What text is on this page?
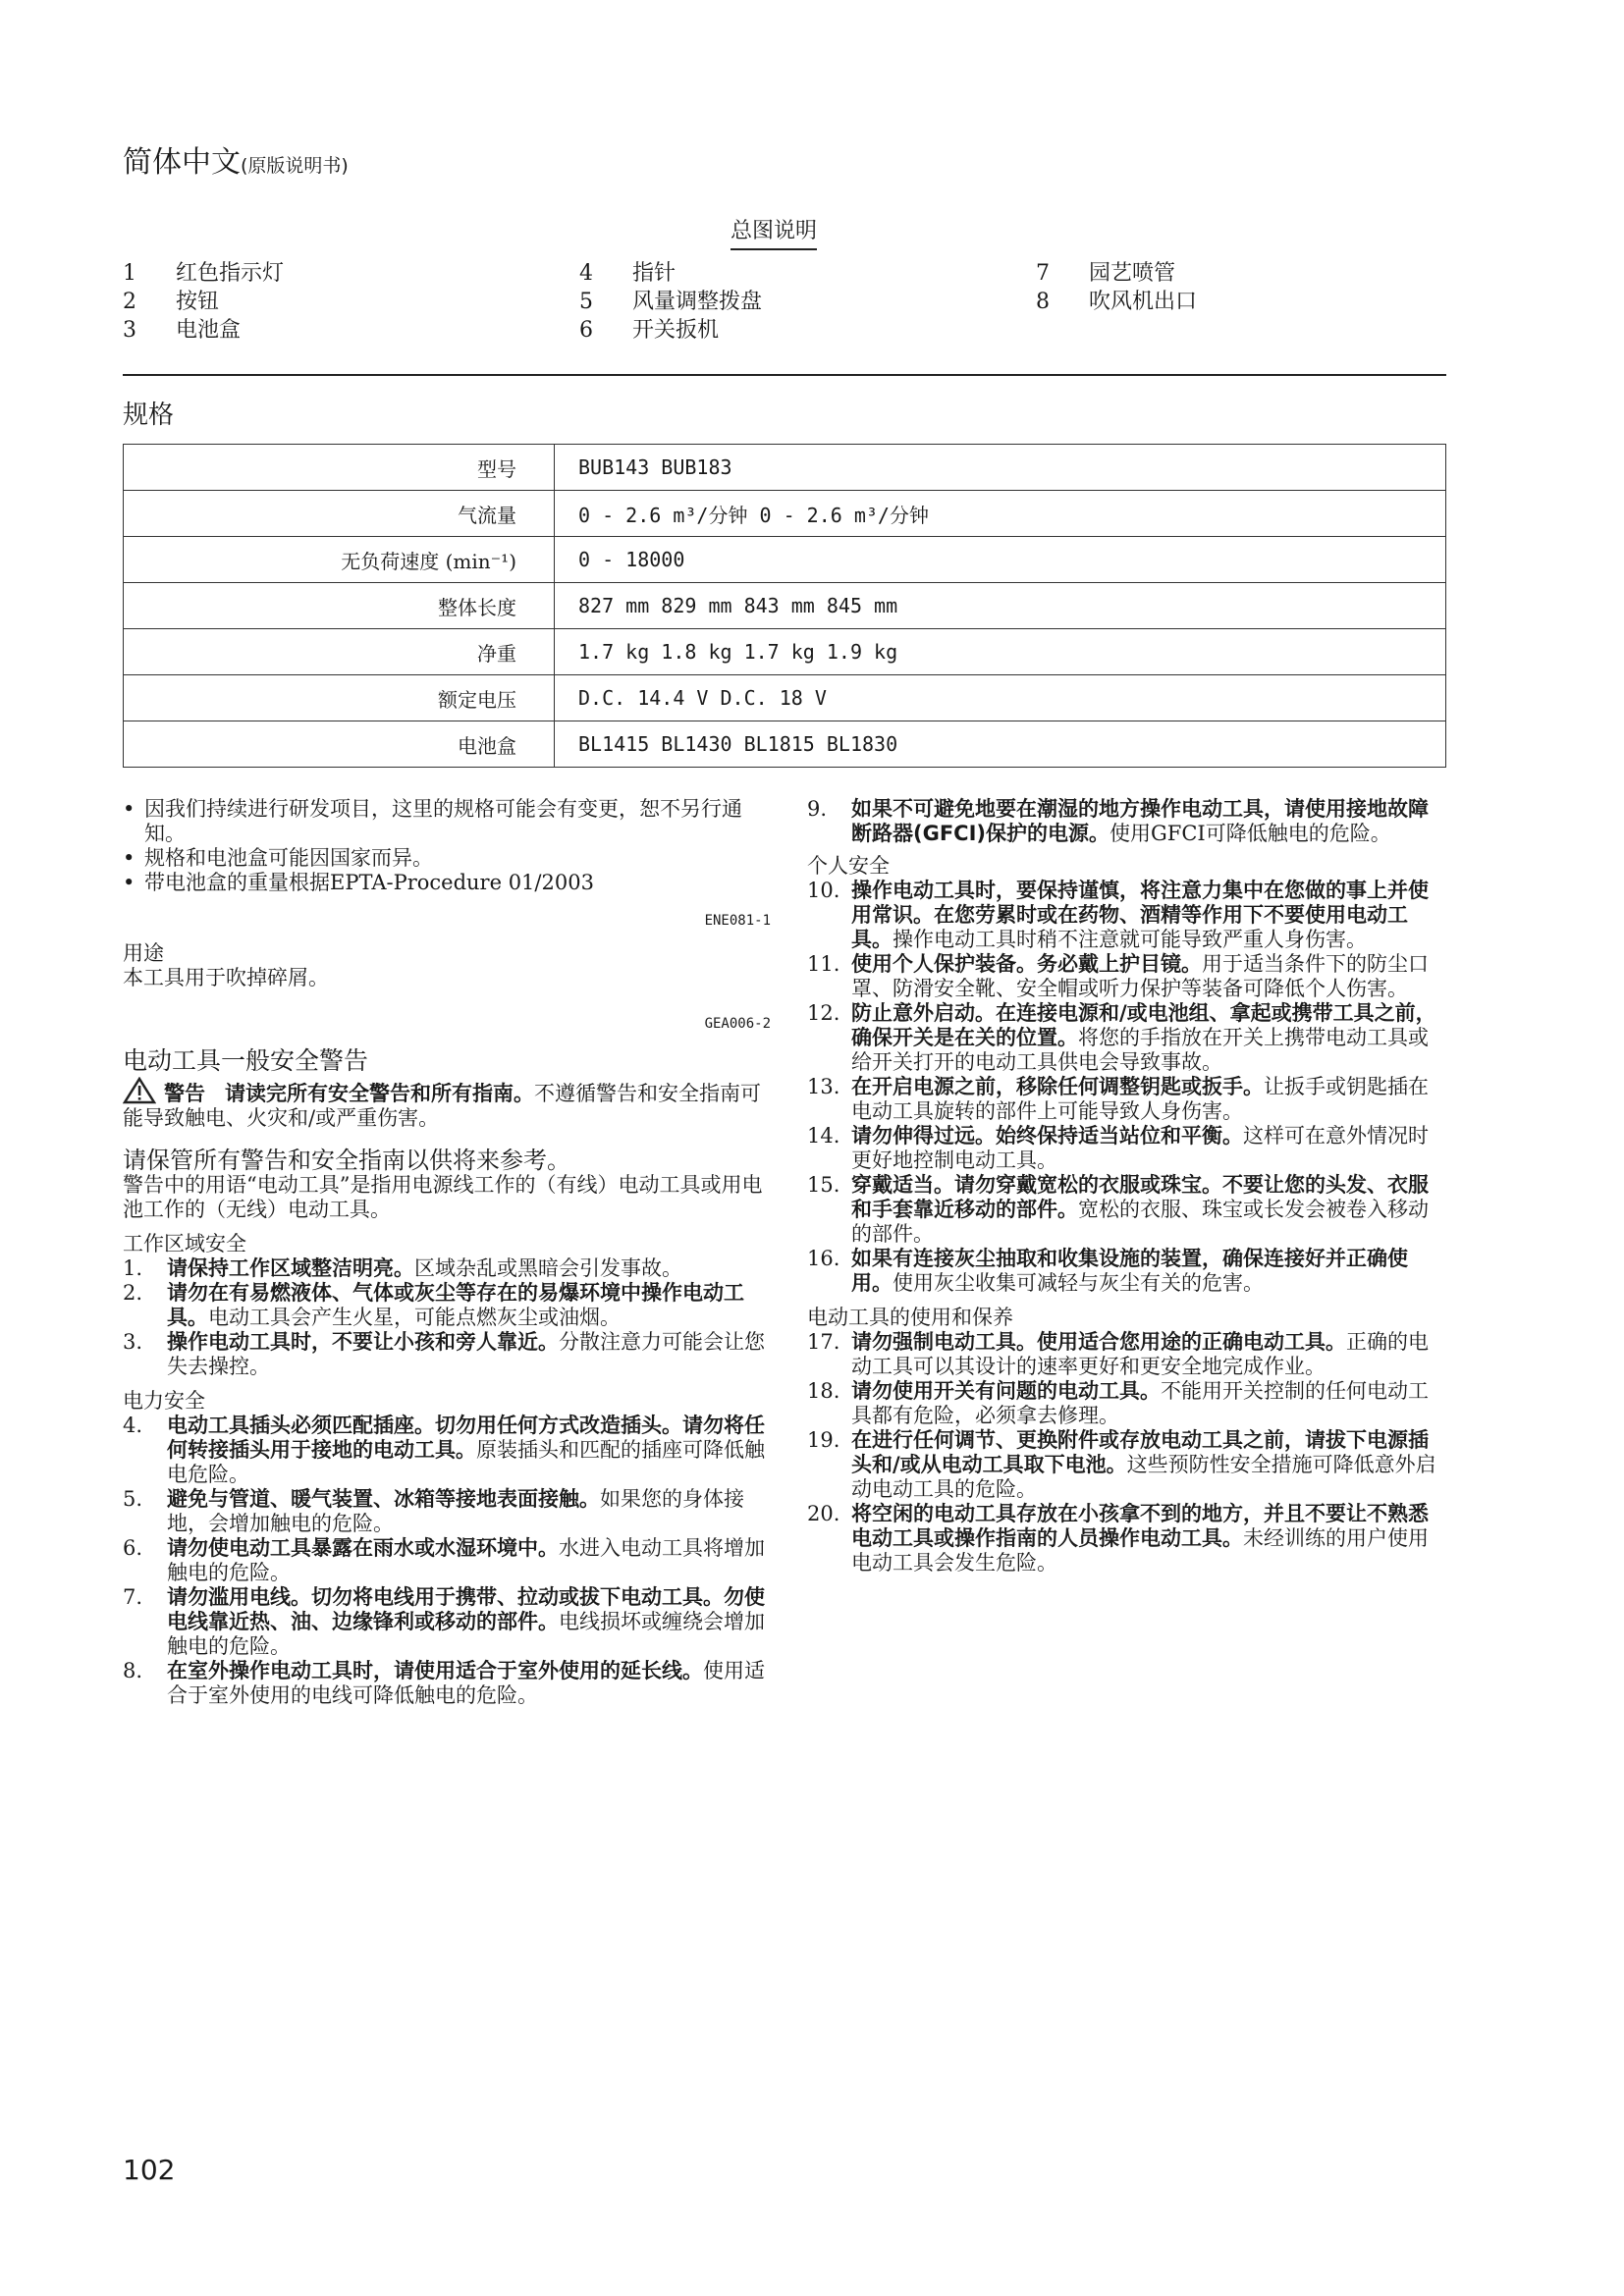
简体中文(原版说明书)
总图说明
1	红色指示灯
2	按钮
3	电池盒
4	指针
5	风量调整拨盘
6	开关扳机
7	园艺喷管
8	吹风机出口
规格
型号	BUB143 BUB183
气流量	0 - 2.6 m³/分钟 0 - 2.6 m³/分钟
无负荷速度 (min⁻¹)	0 - 18000
整体长度	827 mm 829 mm 843 mm 845 mm
净重	1.7 kg 1.8 kg 1.7 kg 1.9 kg
额定电压	D.C. 14.4 V D.C. 18 V
电池盒	BL1415 BL1430 BL1815 BL1830
• 因我们持续进行研发项目，这里的规格可能会有变更，恕不另行通知。
• 规格和电池盒可能因国家而异。
• 带电池盒的重量根据EPTA-Procedure 01/2003
ENE081-1
用途
本工具用于吹掉碎屑。
GEA006-2
电动工具一般安全警告
警告 请读完所有安全警告和所有指南。不遵循警告和安全指南可能导致触电、火灾和/或严重伤害。
请保管所有警告和安全指南以供将来参考。
警告中的用语“电动工具”是指用电源线工作的（有线）电动工具或用电池工作的（无线）电动工具。
工作区域安全
1.	请保持工作区域整洁明亮。区域杂乱或黑暗会引发事故。
2.	请勿在有易燃液体、气体或灰尘等存在的易爆环境中操作电动工具。电动工具会产生火星，可能点燃灰尘或油烟。
3.	操作电动工具时，不要让小孩和旁人靠近。分散注意力可能会让您失去操控。
电力安全
4.	电动工具插头必须匹配插座。切勿用任何方式改造插头。请勿将任何转接插头用于接地的电动工具。原装插头和匹配的插座可降低触电危险。
5.	避免与管道、暖气装置、冰箱等接地表面接触。如果您的身体接地，会增加触电的危险。
6.	请勿使电动工具暴露在雨水或水湿环境中。水进入电动工具将增加触电的危险。
7.	请勿滥用电线。切勿将电线用于携带、拉动或拔下电动工具。勿使电线靠近热、油、边缘锋利或移动的部件。电线损坏或缠绕会增加触电的危险。
8.	在室外操作电动工具时，请使用适合于室外使用的延长线。使用适合于室外使用的电线可降低触电的危险。
9.	如果不可避免地要在潮湿的地方操作电动工具，请使用接地故障断路器(GFCI)保护的电源。使用GFCI可降低触电的危险。
个人安全
10. 操作电动工具时，要保持谨慎，将注意力集中在您做的事上并使用常识。在您劳累时或在药物、酒精等作用下不要使用电动工具。操作电动工具时稍不注意就可能导致严重人身伤害。
11. 使用个人保护装备。务必戴上护目镜。用于适当条件下的防尘口罩、防滑安全靴、安全帽或听力保护等装备可降低个人伤害。
12. 防止意外启动。在连接电源和/或电池组、拿起或携带工具之前，确保开关是在关的位置。将您的手指放在开关上携带电动工具或给开关打开的电动工具供电会导致事故。
13. 在开启电源之前，移除任何调整钥匙或扳手。让扳手或钥匙插在电动工具旋转的部件上可能导致人身伤害。
14. 请勿伸得过远。始终保持适当站位和平衡。这样可在意外情况时更好地控制电动工具。
15. 穿戴适当。请勿穿戴宽松的衣服或珠宝。不要让您的头发、衣服和手套靠近移动的部件。宽松的衣服、珠宝或长发会被卷入移动的部件。
16. 如果有连接灰尘抽取和收集设施的装置，确保连接好并正确使用。使用灰尘收集可减轻与灰尘有关的危害。
电动工具的使用和保养
17. 请勿强制电动工具。使用适合您用途的正确电动工具。正确的电动工具可以其设计的速率更好和更安全地完成作业。
18. 请勿使用开关有问题的电动工具。不能用开关控制的任何电动工具都有危险，必须拿去修理。
19. 在进行任何调节、更换附件或存放电动工具之前，请拔下电源插头和/或从电动工具取下电池。这些预防性安全措施可降低意外启动电动工具的危险。
20. 将空闲的电动工具存放在小孩拿不到的地方，并且不要让不熟悉电动工具或操作指南的人员操作电动工具。未经训练的用户使用电动工具会发生危险。
102
